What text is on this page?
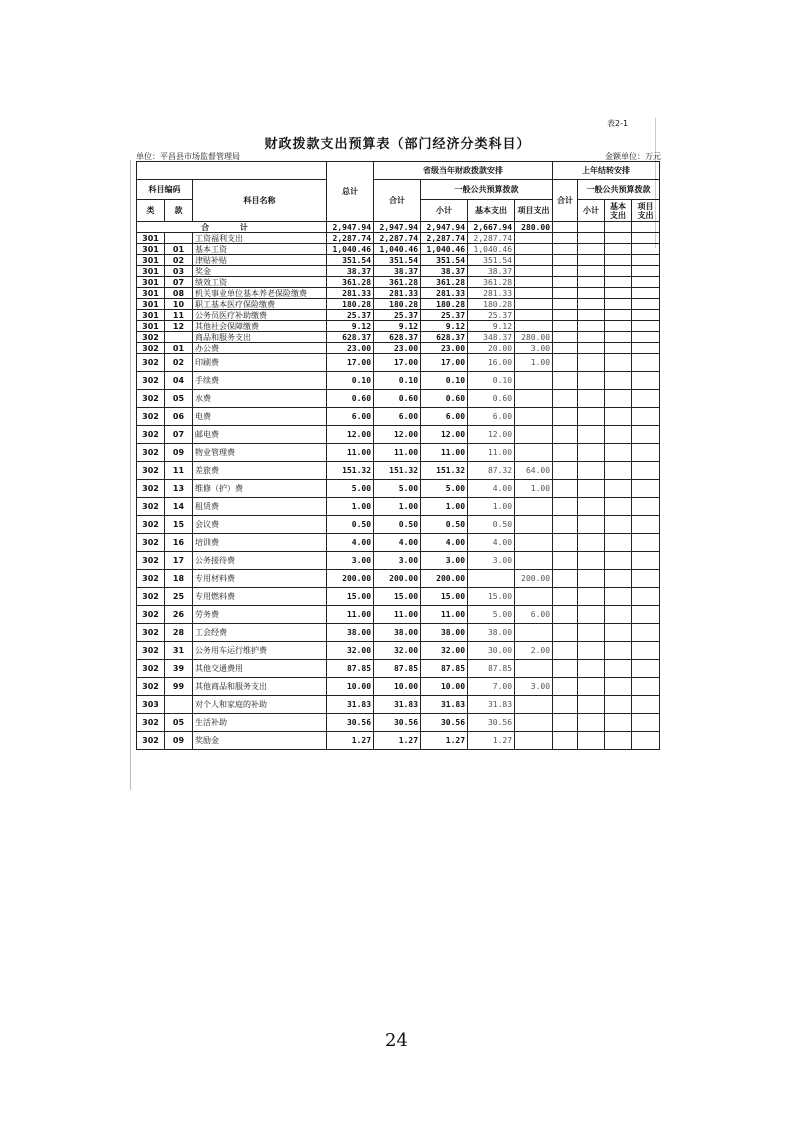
表2-1
财政拨款支出预算表（部门经济分类科目）
单位：平昌县市场监督管理局	金额单位：万元
			总计	省级当年财政拨款安排				上年结转安排			
科目编码		科目名称		合计	一般公共预算拨款			合计	一般公共预算拨款		
类	款				小计	基本支出	项目支出		小计	基本支出	项目支出
合 计			2,947.94	2,947.94	2,947.94	2,667.94	280.00				
301		工资福利支出	2,287.74	2,287.74	2,287.74	2,287.74					
301	01	基本工资	1,040.46	1,040.46	1,040.46	1,040.46					
301	02	津贴补贴	351.54	351.54	351.54	351.54					
301	03	奖金	38.37	38.37	38.37	38.37					
301	07	绩效工资	361.28	361.28	361.28	361.28					
301	08	机关事业单位基本养老保险缴费	281.33	281.33	281.33	281.33					
301	10	职工基本医疗保险缴费	180.28	180.28	180.28	180.28					
301	11	公务员医疗补助缴费	25.37	25.37	25.37	25.37					
301	12	其他社会保障缴费	9.12	9.12	9.12	9.12					
302		商品和服务支出	628.37	628.37	628.37	348.37	280.00				
302	01	办公费	23.00	23.00	23.00	20.00	3.00				
302	02	印刷费	17.00	17.00	17.00	16.00	1.00				
302	04	手续费	0.10	0.10	0.10	0.10					
302	05	水费	0.60	0.60	0.60	0.60					
302	06	电费	6.00	6.00	6.00	6.00					
302	07	邮电费	12.00	12.00	12.00	12.00					
302	09	物业管理费	11.00	11.00	11.00	11.00					
302	11	差旅费	151.32	151.32	151.32	87.32	64.00				
302	13	维修（护）费	5.00	5.00	5.00	4.00	1.00				
302	14	租赁费	1.00	1.00	1.00	1.00					
302	15	会议费	0.50	0.50	0.50	0.50					
302	16	培训费	4.00	4.00	4.00	4.00					
302	17	公务接待费	3.00	3.00	3.00	3.00					
302	18	专用材料费	200.00	200.00	200.00		200.00				
302	25	专用燃料费	15.00	15.00	15.00	15.00					
302	26	劳务费	11.00	11.00	11.00	5.00	6.00				
302	28	工会经费	38.00	38.00	38.00	38.00					
302	31	公务用车运行维护费	32.00	32.00	32.00	30.00	2.00				
302	39	其他交通费用	87.85	87.85	87.85	87.85					
302	99	其他商品和服务支出	10.00	10.00	10.00	7.00	3.00				
303		对个人和家庭的补助	31.83	31.83	31.83	31.83					
302	05	生活补助	30.56	30.56	30.56	30.56					
302	09	奖励金	1.27	1.27	1.27	1.27					
24
